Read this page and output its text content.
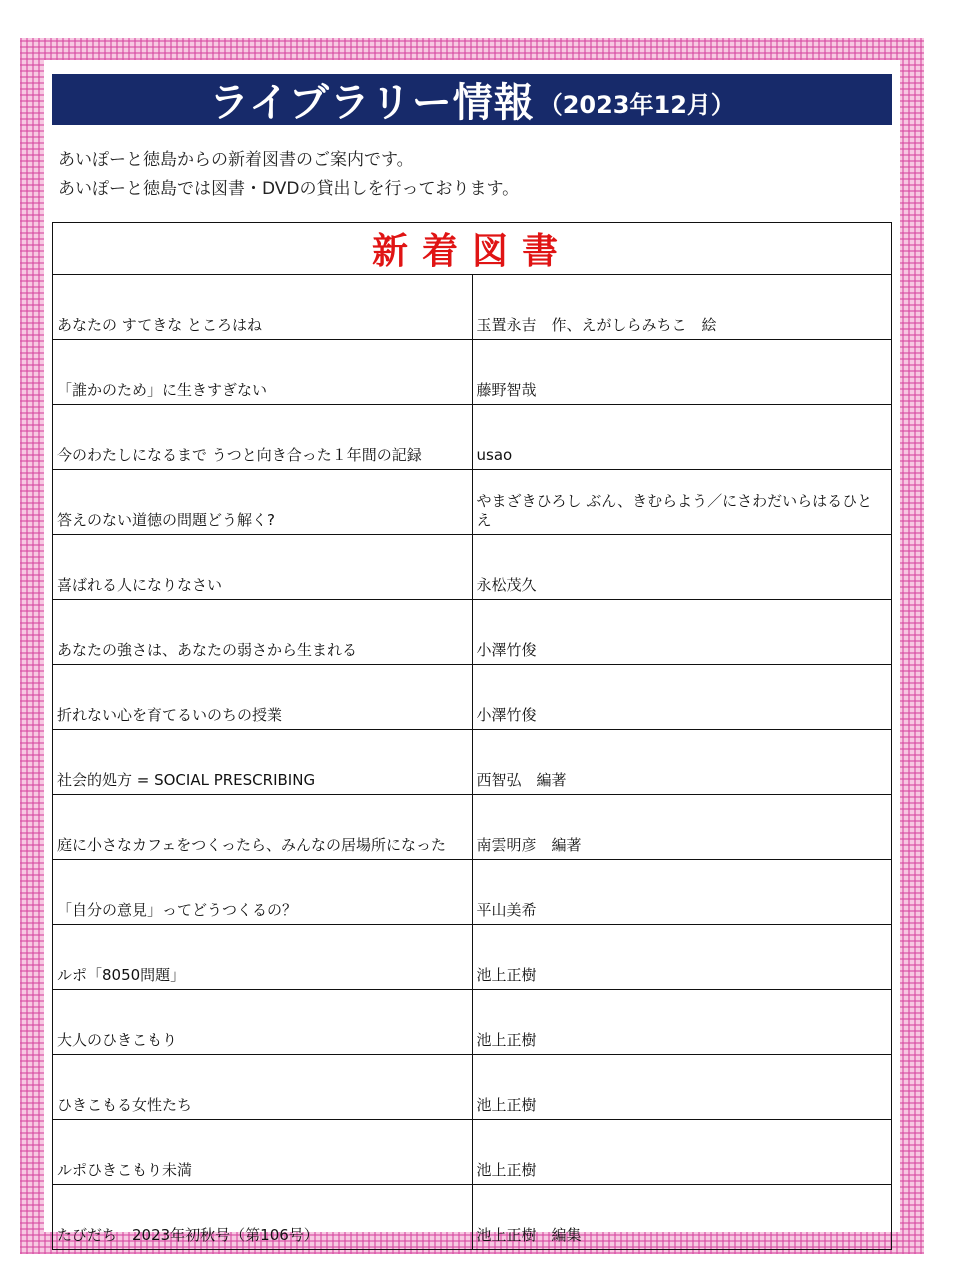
ライブラリー情報 （2023年12月）
あいぽーと徳島からの新着図書のご案内です。
あいぽーと徳島では図書・DVDの貸出しを行っております。
新着図書	
あなたの すてきな ところはね	玉置永吉　作、えがしらみちこ　絵
「誰かのため」に生きすぎない	藤野智哉
今のわたしになるまで うつと向き合った１年間の記録	usao
答えのない道徳の問題どう解く?	やまざきひろし ぶん、きむらよう／にさわだいらはるひと え
喜ばれる人になりなさい	永松茂久
あなたの強さは、あなたの弱さから生まれる	小澤竹俊
折れない心を育てるいのちの授業	小澤竹俊
社会的処方 = SOCIAL PRESCRIBING	西智弘　編著
庭に小さなカフェをつくったら、みんなの居場所になった	南雲明彦　編著
「自分の意見」ってどうつくるの？	平山美希
ルポ「8050問題」	池上正樹
大人のひきこもり	池上正樹
ひきこもる女性たち	池上正樹
ルポひきこもり未満	池上正樹
たびだち　2023年初秋号（第106号）	池上正樹　編集
